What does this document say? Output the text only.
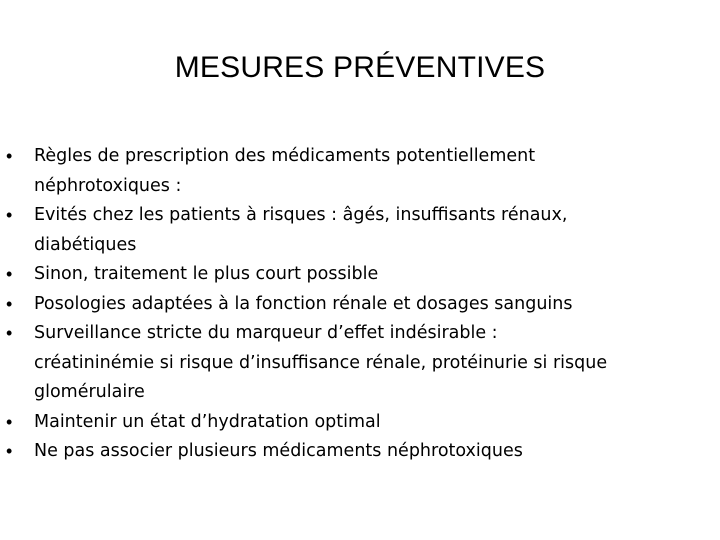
MESURES PRÉVENTIVES
• Règles de prescription des médicaments potentiellement
néphrotoxiques :
• Evités chez les patients à risques : âgés, insuffisants rénaux,
diabétiques
• Sinon, traitement le plus court possible
• Posologies adaptées à la fonction rénale et dosages sanguins
• Surveillance stricte du marqueur d’effet indésirable :
créatininémie si risque d’insuffisance rénale, protéinurie si risque
glomérulaire
• Maintenir un état d’hydratation optimal
• Ne pas associer plusieurs médicaments néphrotoxiques
